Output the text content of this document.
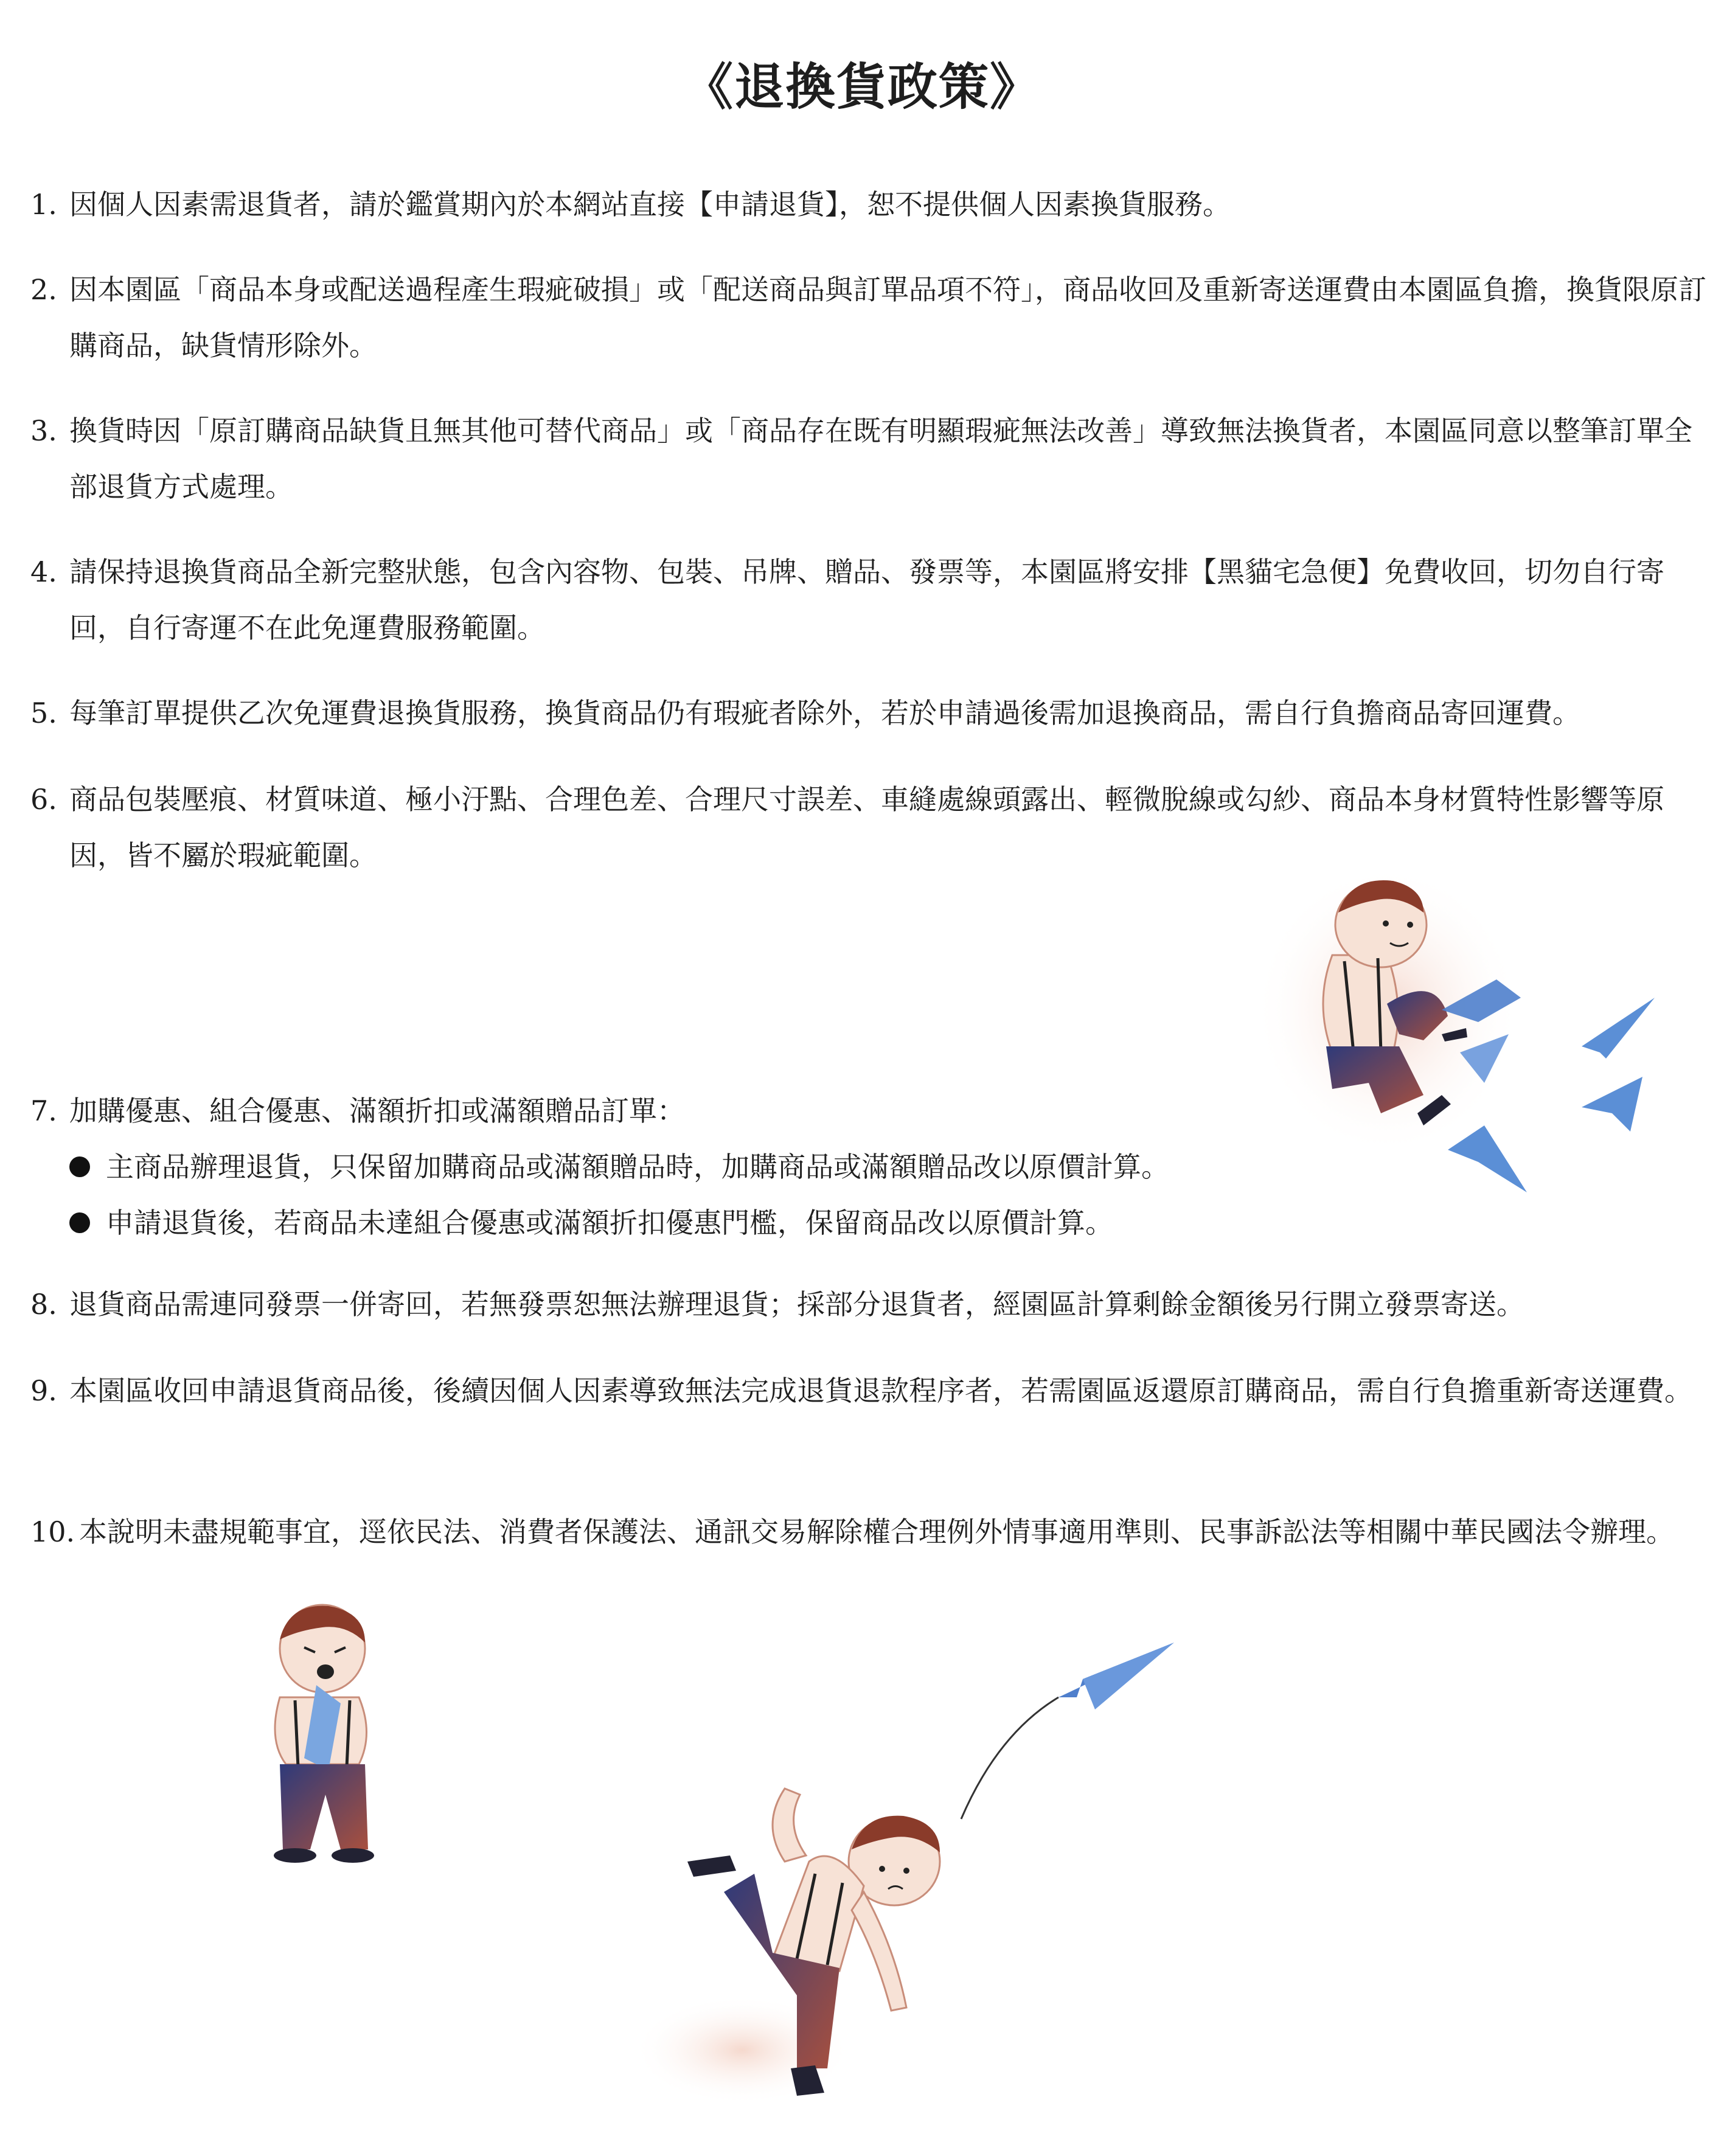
《退換貨政策》
1. 因個人因素需退貨者，請於鑑賞期內於本網站直接【申請退貨】，恕不提供個人因素換貨服務。
2. 因本園區「商品本身或配送過程產生瑕疵破損」或「配送商品與訂單品項不符」，商品收回及重新寄送運費由本園區負擔，換貨限原訂購商品，缺貨情形除外。
3. 換貨時因「原訂購商品缺貨且無其他可替代商品」或「商品存在既有明顯瑕疵無法改善」導致無法換貨者，本園區同意以整筆訂單全部退貨方式處理。
4. 請保持退換貨商品全新完整狀態，包含內容物、包裝、吊牌、贈品、發票等，本園區將安排【黑貓宅急便】免費收回，切勿自行寄回，自行寄運不在此免運費服務範圍。
5. 每筆訂單提供乙次免運費退換貨服務，換貨商品仍有瑕疵者除外，若於申請過後需加退換商品，需自行負擔商品寄回運費。
6. 商品包裝壓痕、材質味道、極小汙點、合理色差、合理尺寸誤差、車縫處線頭露出、輕微脫線或勾紗、商品本身材質特性影響等原因，皆不屬於瑕疵範圍。
7. 加購優惠、組合優惠、滿額折扣或滿額贈品訂單：
主商品辦理退貨，只保留加購商品或滿額贈品時，加購商品或滿額贈品改以原價計算。
申請退貨後，若商品未達組合優惠或滿額折扣優惠門檻，保留商品改以原價計算。
8. 退貨商品需連同發票一併寄回，若無發票恕無法辦理退貨；採部分退貨者，經園區計算剩餘金額後另行開立發票寄送。
9. 本園區收回申請退貨商品後，後續因個人因素導致無法完成退貨退款程序者，若需園區返還原訂購商品，需自行負擔重新寄送運費。
10. 本說明未盡規範事宜，逕依民法、消費者保護法、通訊交易解除權合理例外情事適用準則、民事訴訟法等相關中華民國法令辦理。
